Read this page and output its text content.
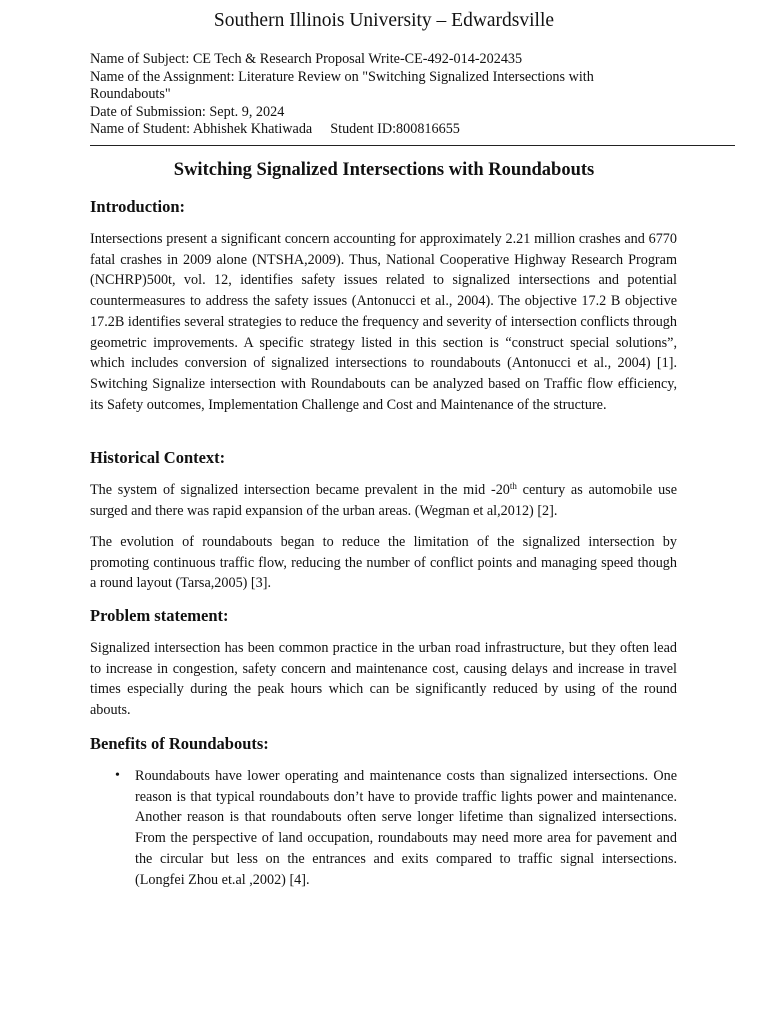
Southern Illinois University – Edwardsville
Name of Subject: CE Tech & Research Proposal Write-CE-492-014-202435
Name of the Assignment: Literature Review on "Switching Signalized Intersections with Roundabouts"
Date of Submission: Sept. 9, 2024
Name of Student: Abhishek Khatiwada Student ID:800816655
Switching Signalized Intersections with Roundabouts
Introduction:

Intersections present a significant concern accounting for approximately 2.21 million crashes and 6770 fatal crashes in 2009 alone (NTSHA,2009). Thus, National Cooperative Highway Research Program (NCHRP)500t, vol. 12, identifies safety issues related to signalized intersections and potential countermeasures to address the safety issues (Antonucci et al., 2004). The objective 17.2 B objective 17.2B identifies several strategies to reduce the frequency and severity of intersection conflicts through geometric improvements. A specific strategy listed in this section is “construct special solutions”, which includes conversion of signalized intersections to roundabouts (Antonucci et al., 2004) [1]. Switching Signalize intersection with Roundabouts can be analyzed based on Traffic flow efficiency, its Safety outcomes, Implementation Challenge and Cost and Maintenance of the structure.

Historical Context:

The system of signalized intersection became prevalent in the mid -20th century as automobile use surged and there was rapid expansion of the urban areas. (Wegman et al,2012) [2].

The evolution of roundabouts began to reduce the limitation of the signalized intersection by promoting continuous traffic flow, reducing the number of conflict points and managing speed though a round layout (Tarsa,2005) [3].

Problem statement:

Signalized intersection has been common practice in the urban road infrastructure, but they often lead to increase in congestion, safety concern and maintenance cost, causing delays and increase in travel times especially during the peak hours which can be significantly reduced by using of the round abouts.

Benefits of Roundabouts:
• Roundabouts have lower operating and maintenance costs than signalized intersections. One reason is that typical roundabouts don’t have to provide traffic lights power and maintenance. Another reason is that roundabouts often serve longer lifetime than signalized intersections. From the perspective of land occupation, roundabouts may need more area for pavement and the circular but less on the entrances and exits compared to traffic signal intersections. (Longfei Zhou et.al ,2002) [4].
